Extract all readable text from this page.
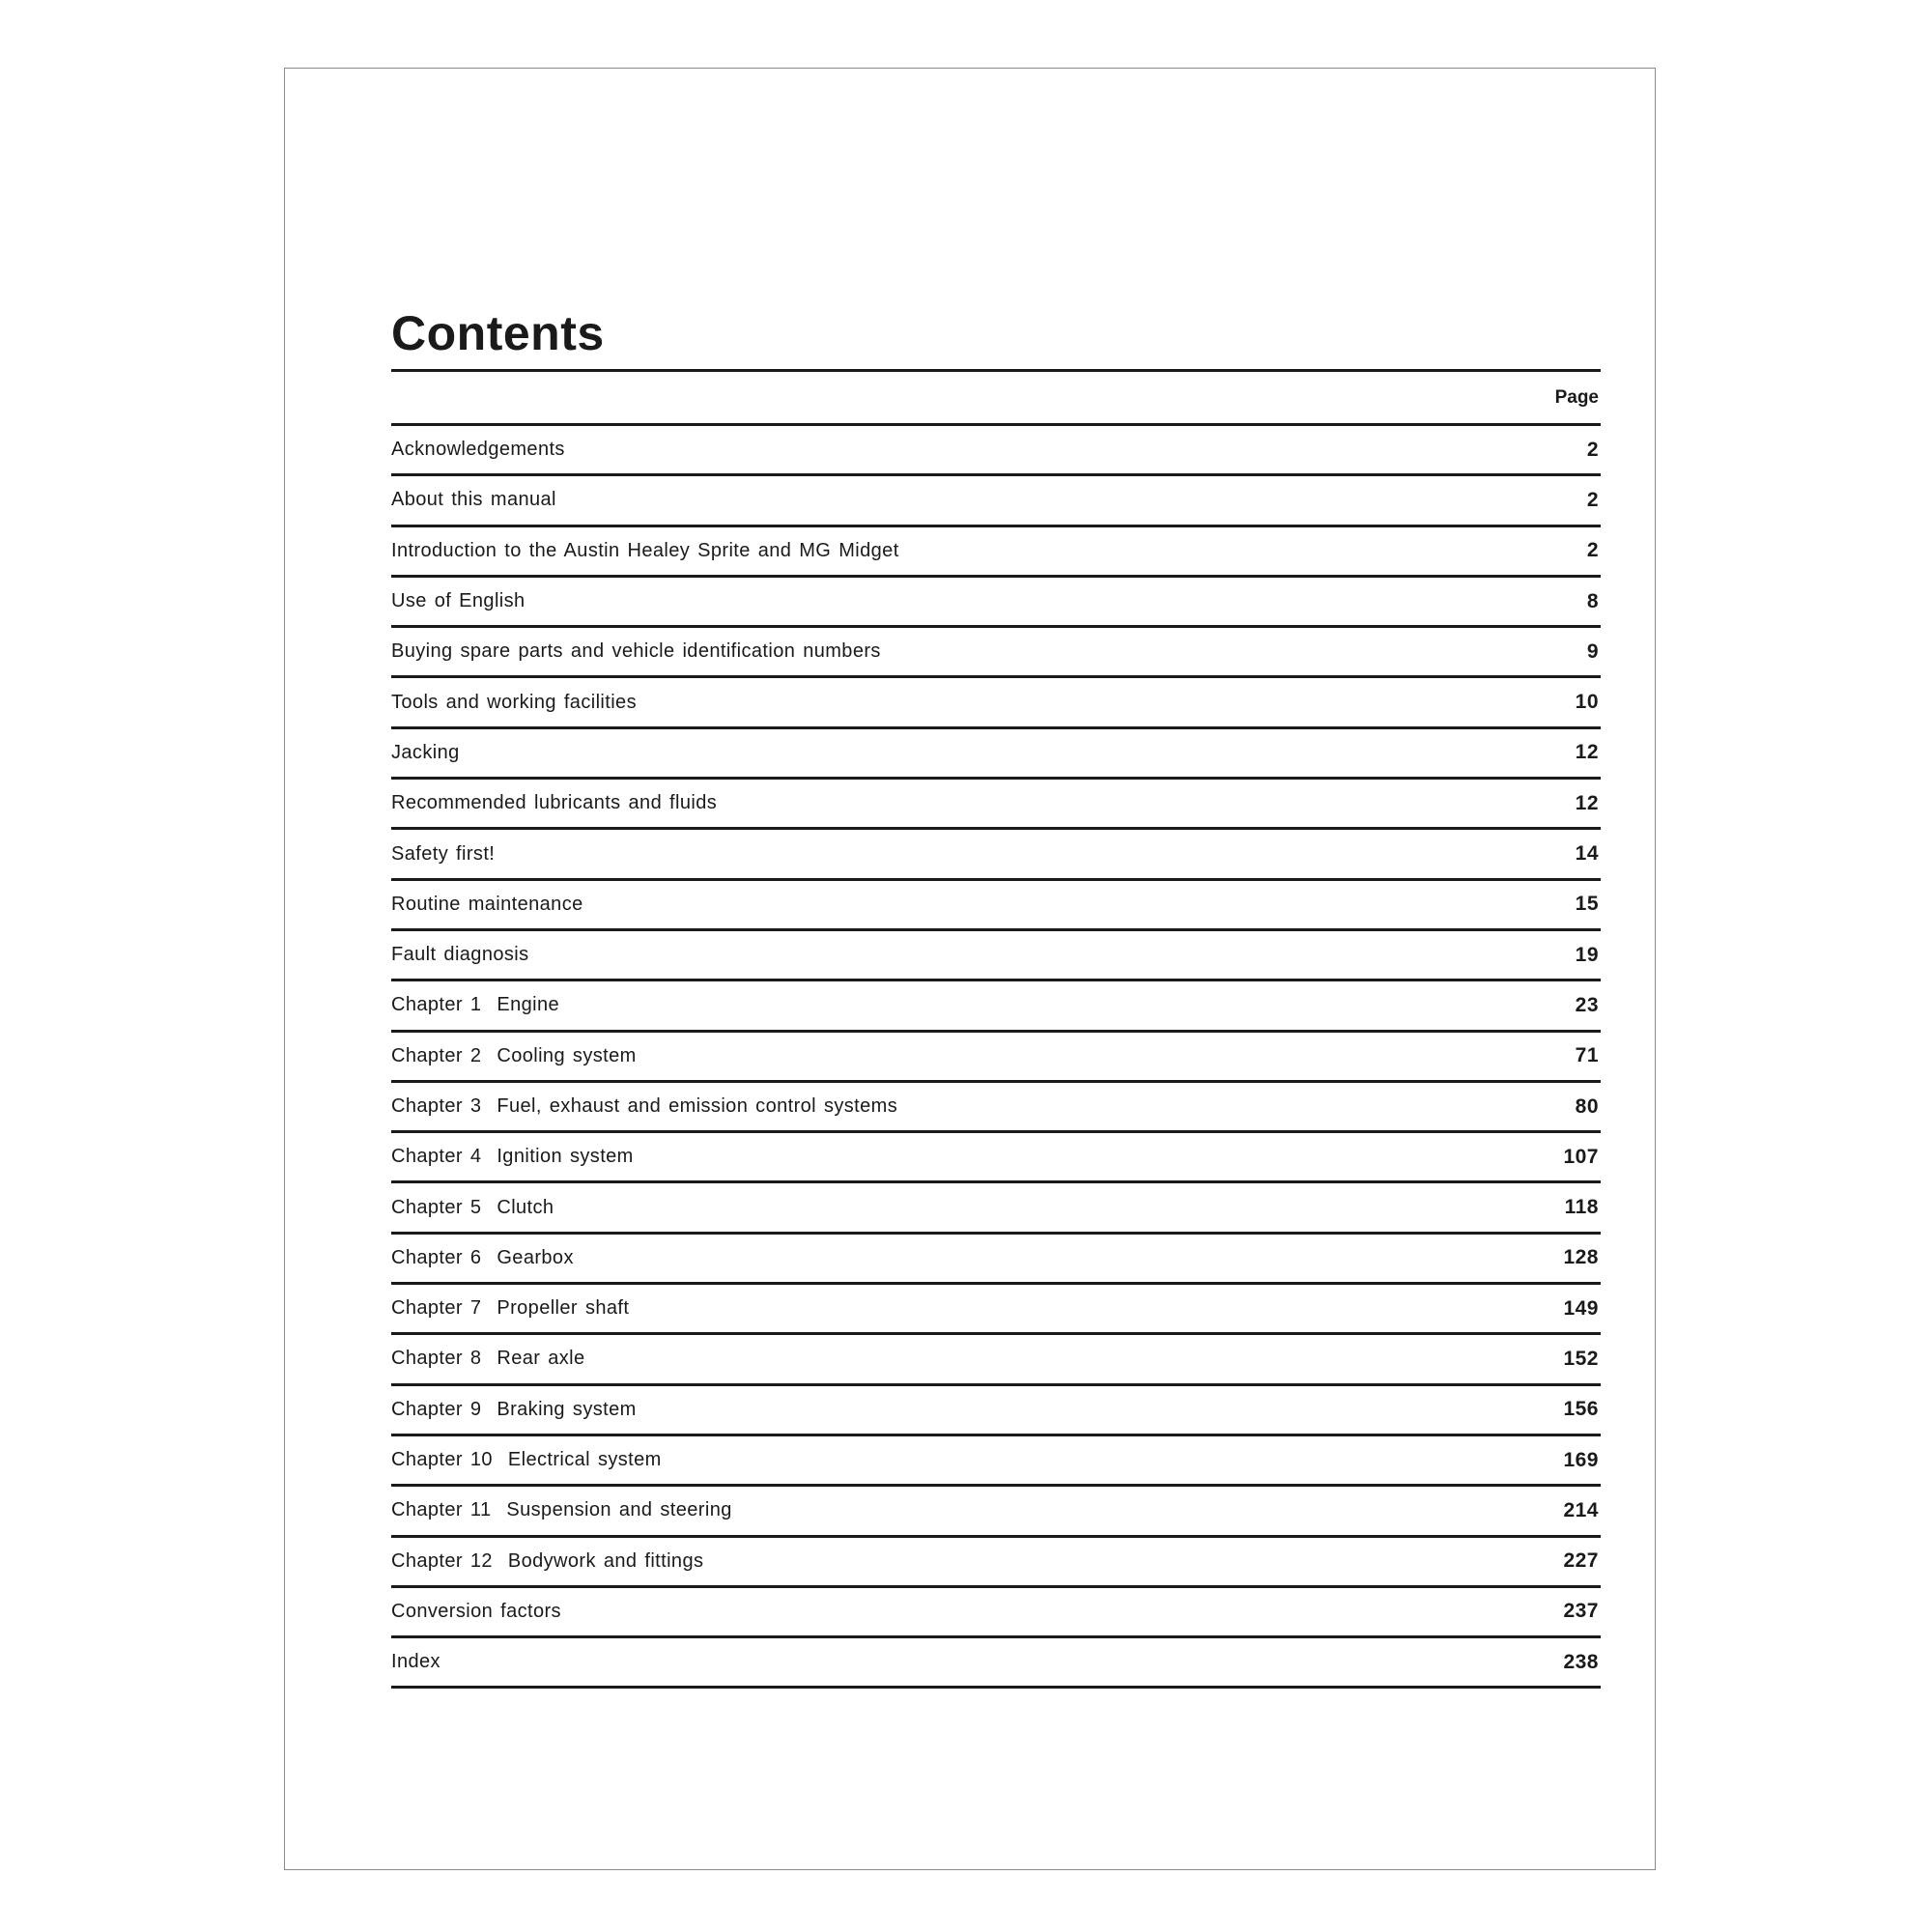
Contents
Page
Acknowledgements	2
About this manual	2
Introduction to the Austin Healey Sprite and MG Midget	2
Use of English	8
Buying spare parts and vehicle identification numbers	9
Tools and working facilities	10
Jacking	12
Recommended lubricants and fluids	12
Safety first!	14
Routine maintenance	15
Fault diagnosis	19
Chapter 1  Engine	23
Chapter 2  Cooling system	71
Chapter 3  Fuel, exhaust and emission control systems	80
Chapter 4  Ignition system	107
Chapter 5  Clutch	118
Chapter 6  Gearbox	128
Chapter 7  Propeller shaft	149
Chapter 8  Rear axle	152
Chapter 9  Braking system	156
Chapter 10  Electrical system	169
Chapter 11  Suspension and steering	214
Chapter 12  Bodywork and fittings	227
Conversion factors	237
Index	238
